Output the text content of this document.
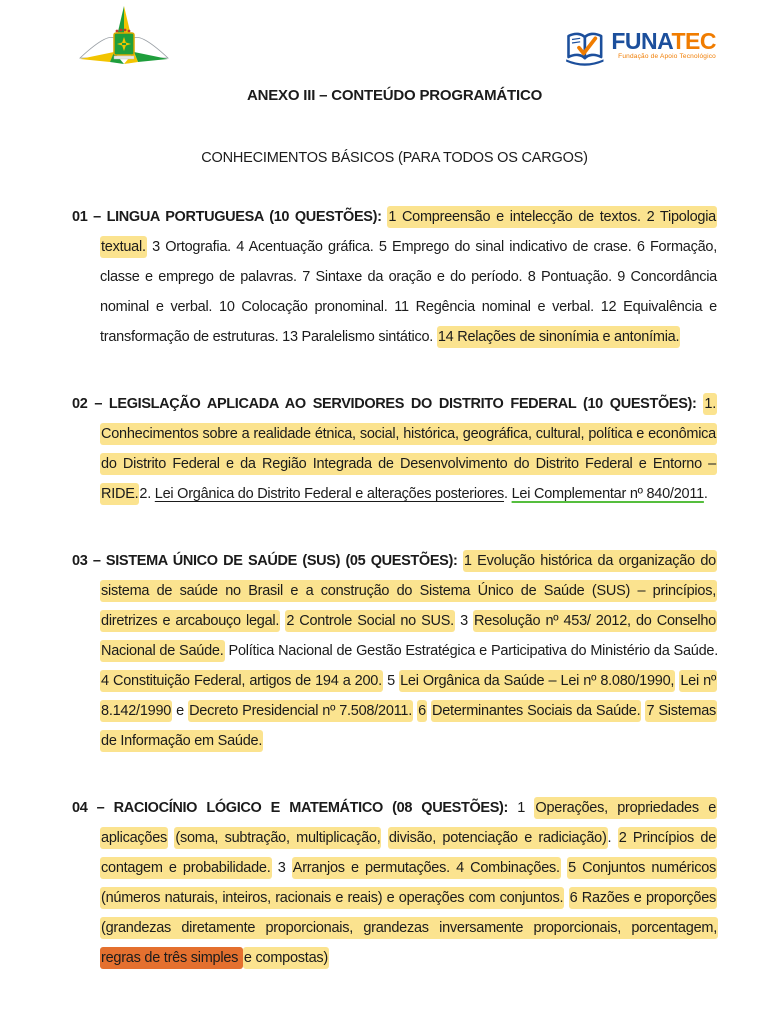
FUNATEC
Fundação de Apoio Tecnológico
ANEXO III – CONTEÚDO PROGRAMÁTICO
CONHECIMENTOS BÁSICOS (PARA TODOS OS CARGOS)

01 – LINGUA PORTUGUESA (10 QUESTÕES): 1 Compreensão e intelecção de textos. 2 Tipologia textual. 3 Ortografia. 4 Acentuação gráfica. 5 Emprego do sinal indicativo de crase. 6 Formação, classe e emprego de palavras. 7 Sintaxe da oração e do período. 8 Pontuação. 9 Concordância nominal e verbal. 10 Colocação pronominal. 11 Regência nominal e verbal. 12 Equivalência e transformação de estruturas. 13 Paralelismo sintático. 14 Relações de sinonímia e antonímia.

02 – LEGISLAÇÃO APLICADA AO SERVIDORES DO DISTRITO FEDERAL (10 QUESTÕES): 1. Conhecimentos sobre a realidade étnica, social, histórica, geográfica, cultural, política e econômica do Distrito Federal e da Região Integrada de Desenvolvimento do Distrito Federal e Entorno – RIDE.2. Lei Orgânica do Distrito Federal e alterações posteriores. Lei Complementar nº 840/2011.

03 – SISTEMA ÚNICO DE SAÚDE (SUS) (05 QUESTÕES): 1 Evolução histórica da organização do sistema de saúde no Brasil e a construção do Sistema Único de Saúde (SUS) – princípios, diretrizes e arcabouço legal. 2 Controle Social no SUS. 3 Resolução nº 453/ 2012, do Conselho Nacional de Saúde. Política Nacional de Gestão Estratégica e Participativa do Ministério da Saúde. 4 Constituição Federal, artigos de 194 a 200. 5 Lei Orgânica da Saúde – Lei nº 8.080/1990, Lei nº 8.142/1990 e Decreto Presidencial nº 7.508/2011. 6 Determinantes Sociais da Saúde. 7 Sistemas de Informação em Saúde.

04 – RACIOCÍNIO LÓGICO E MATEMÁTICO (08 QUESTÕES): 1 Operações, propriedades e aplicações (soma, subtração, multiplicação, divisão, potenciação e radiciação). 2 Princípios de contagem e probabilidade. 3 Arranjos e permutações. 4 Combinações. 5 Conjuntos numéricos (números naturais, inteiros, racionais e reais) e operações com conjuntos. 6 Razões e proporções (grandezas diretamente proporcionais, grandezas inversamente proporcionais, porcentagem, regras de três simples e compostas)
